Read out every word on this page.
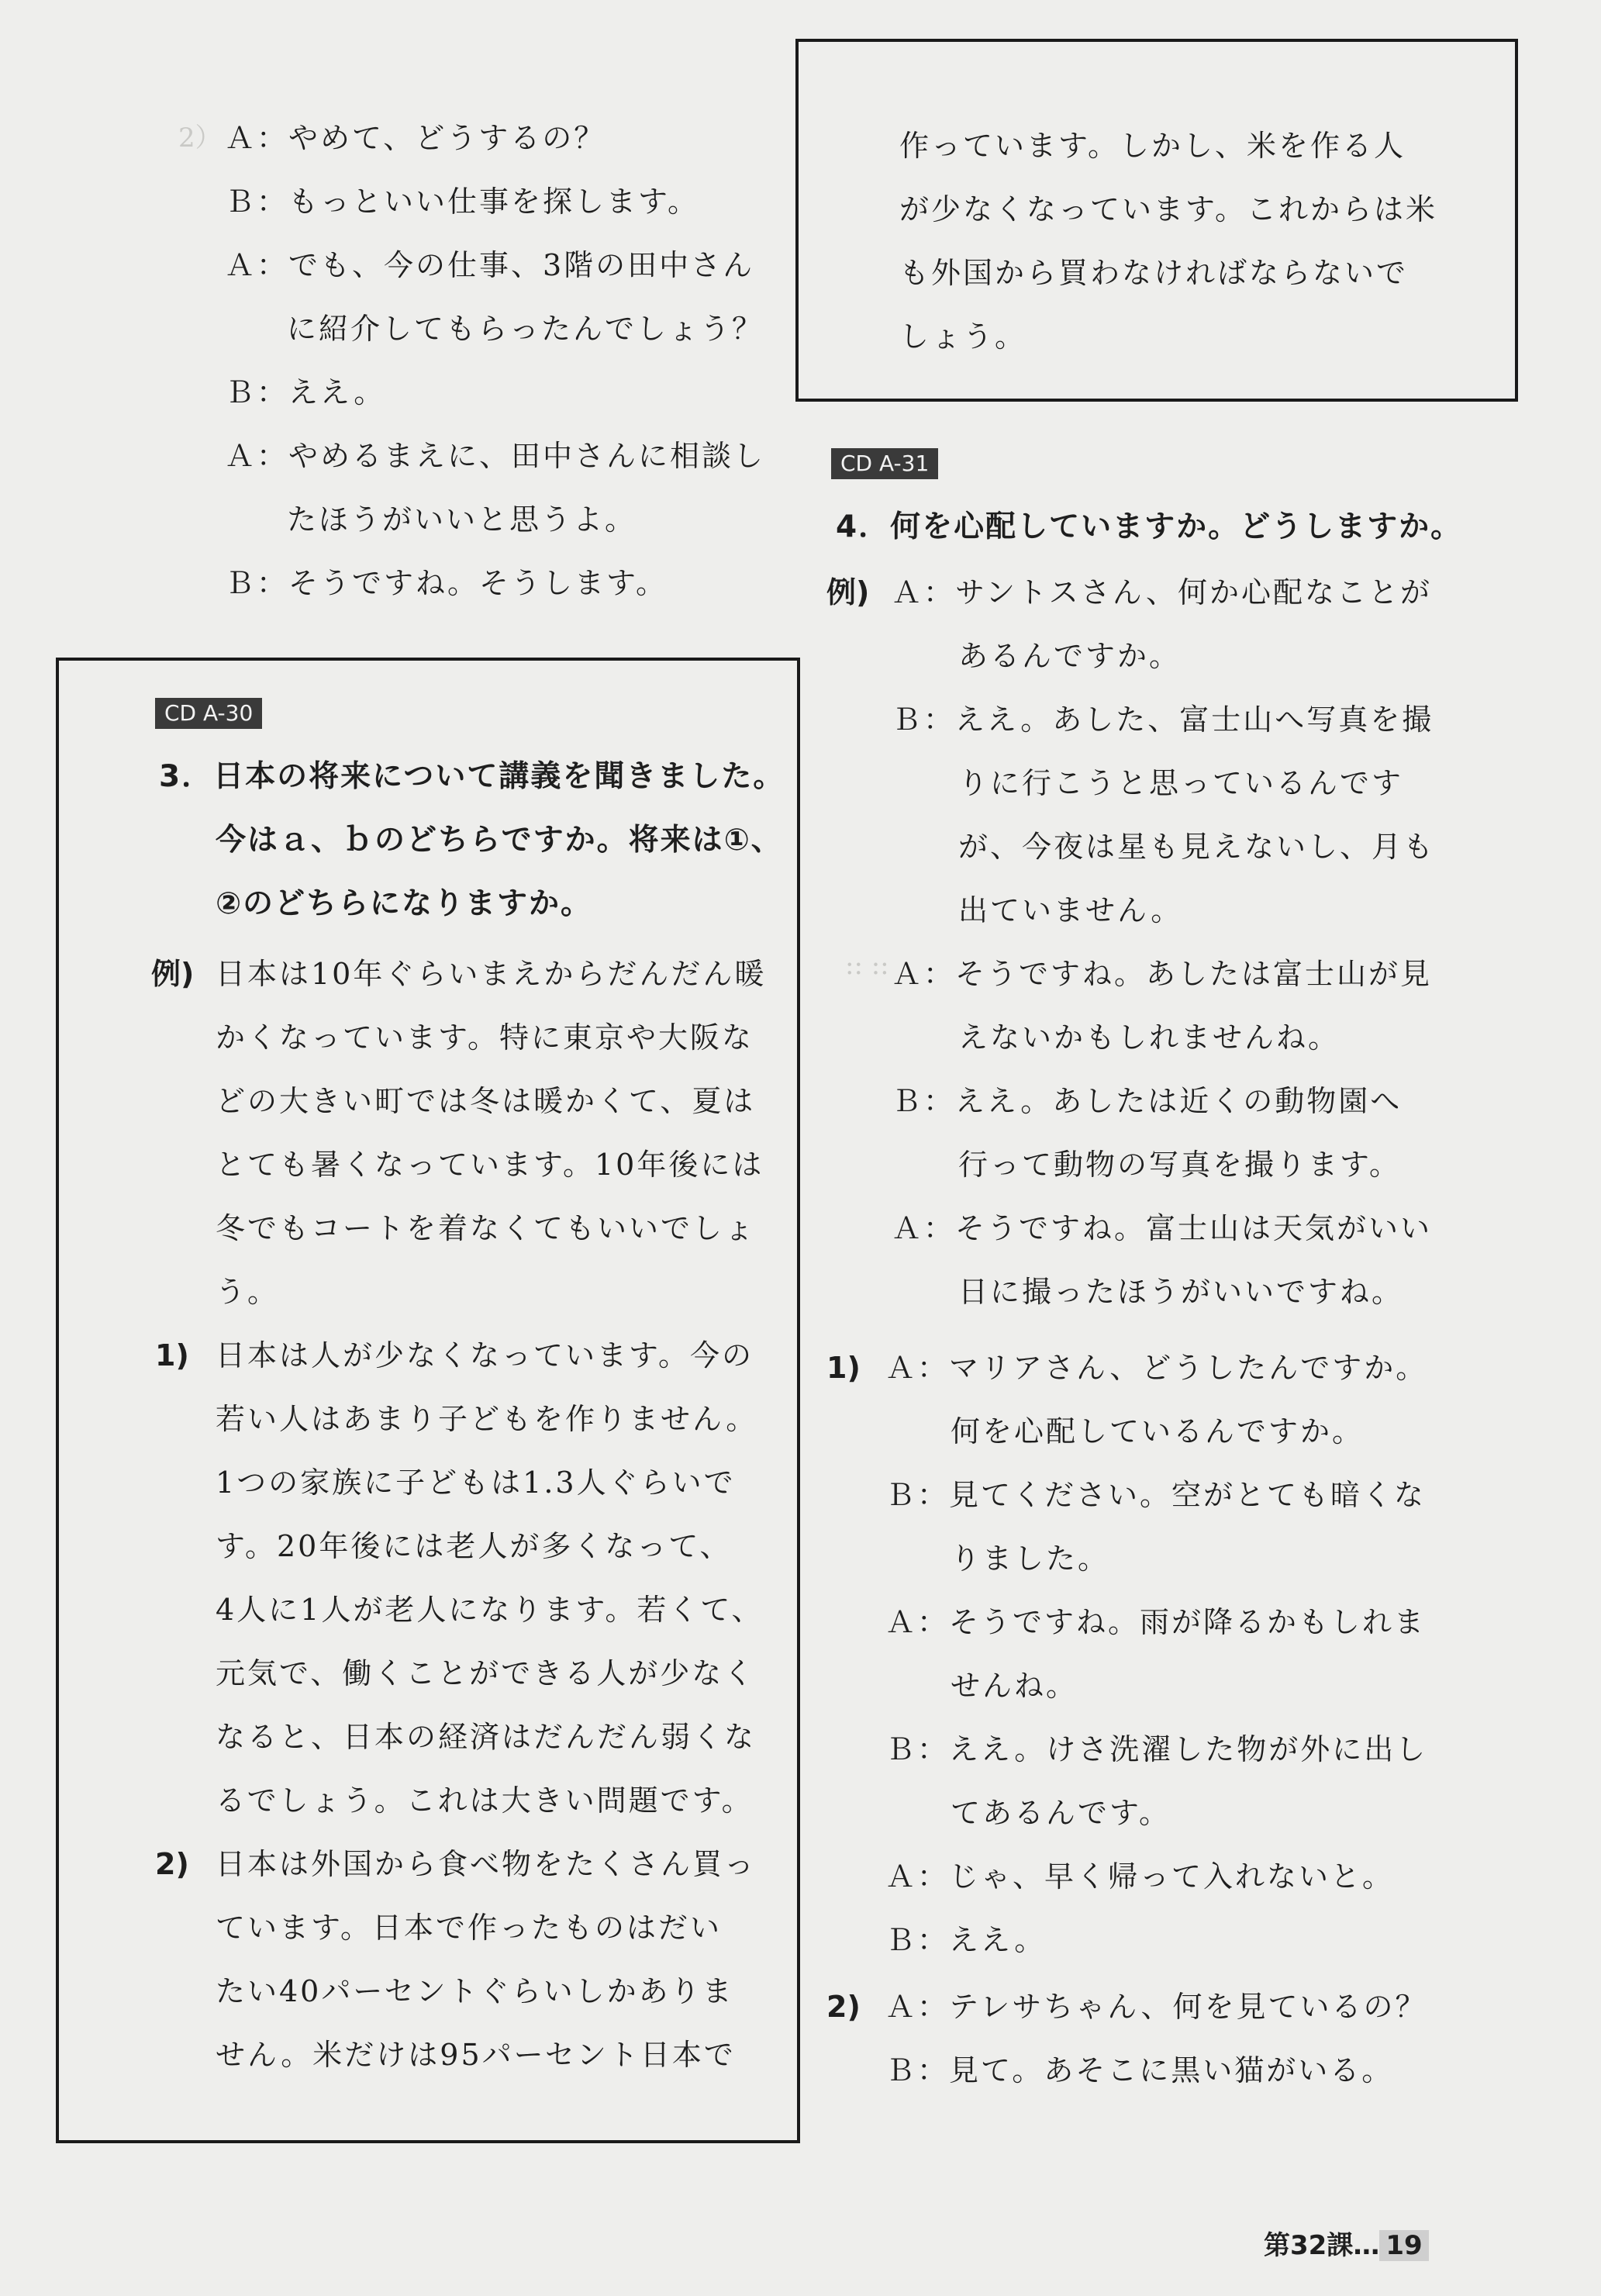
2）
:: ::
Ａ：やめて、どうするの？
Ｂ：もっといい仕事を探します。
Ａ：でも、今の仕事、3階の田中さん
に紹介してもらったんでしょう？
Ｂ：ええ。
Ａ：やめるまえに、田中さんに相談し
たほうがいいと思うよ。
Ｂ：そうですね。そうします。
CD A-30
3．日本の将来について講義を聞きました。
今はａ、ｂのどちらですか。将来は①、
②のどちらになりますか。
例) 日本は10年ぐらいまえからだんだん暖
かくなっています。特に東京や大阪な
どの大きい町では冬は暖かくて、夏は
とても暑くなっています。10年後には
冬でもコートを着なくてもいいでしょ
う。
1) 日本は人が少なくなっています。今の
若い人はあまり子どもを作りません。
1つの家族に子どもは1.3人ぐらいで
す。20年後には老人が多くなって、
4人に1人が老人になります。若くて、
元気で、働くことができる人が少なく
なると、日本の経済はだんだん弱くな
るでしょう。これは大きい問題です。
2) 日本は外国から食べ物をたくさん買っ
ています。日本で作ったものはだい
たい40パーセントぐらいしかありま
せん。米だけは95パーセント日本で
作っています。しかし、米を作る人
が少なくなっています。これからは米
も外国から買わなければならないで
しょう。
CD A-31
4．何を心配していますか。どうしますか。
例) Ａ：サントスさん、何か心配なことが
あるんですか。
Ｂ：ええ。あした、富士山へ写真を撮
りに行こうと思っているんです
が、今夜は星も見えないし、月も
出ていません。
Ａ：そうですね。あしたは富士山が見
えないかもしれませんね。
Ｂ：ええ。あしたは近くの動物園へ
行って動物の写真を撮ります。
Ａ：そうですね。富士山は天気がいい
日に撮ったほうがいいですね。
1) Ａ：マリアさん、どうしたんですか。
何を心配しているんですか。
Ｂ：見てください。空がとても暗くな
りました。
Ａ：そうですね。雨が降るかもしれま
せんね。
Ｂ：ええ。けさ洗濯した物が外に出し
てあるんです。
Ａ：じゃ、早く帰って入れないと。
Ｂ：ええ。
2) Ａ：テレサちゃん、何を見ているの？
Ｂ：見て。あそこに黒い猫がいる。
第32課… 19
